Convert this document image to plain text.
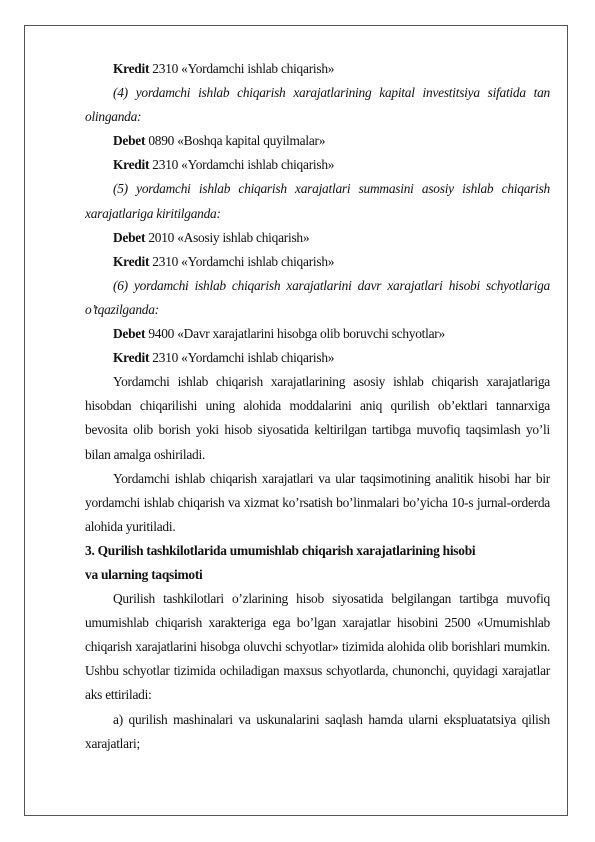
Kredit 2310 «Yordamchi ishlab chiqarish»

(4) yordamchi ishlab chiqarish xarajatlarining kapital investitsiya sifatida tan olinganda:

Debet 0890 «Boshqa kapital quyilmalar»

Kredit 2310 «Yordamchi ishlab chiqarish»

(5) yordamchi ishlab chiqarish xarajatlari summasini asosiy ishlab chiqarish xarajatlariga kiritilganda:

Debet 2010 «Asosiy ishlab chiqarish»

Kredit 2310 «Yordamchi ishlab chiqarish»

(6) yordamchi ishlab chiqarish xarajatlarini davr xarajatlari hisobi schyotlariga o’tqazilganda:

Debet 9400 «Davr xarajatlarini hisobga olib boruvchi schyotlar»

Kredit 2310 «Yordamchi ishlab chiqarish»

Yordamchi ishlab chiqarish xarajatlarining asosiy ishlab chiqarish xarajatlariga hisobdan chiqarilishi uning alohida moddalarini aniq qurilish ob’ektlari tannarxiga bevosita olib borish yoki hisob siyosatida keltirilgan tartibga muvofiq taqsimlash yo’li bilan amalga oshiriladi.

Yordamchi ishlab chiqarish xarajatlari va ular taqsimotining analitik hisobi har bir yordamchi ishlab chiqarish va xizmat ko’rsatish bo’linmalari bo’yicha 10-s jurnal-orderda alohida yuritiladi.

3. Qurilish tashkilotlarida umumishlab chiqarish xarajatlarining hisobi
va ularning taqsimoti

Qurilish tashkilotlari o’zlarining hisob siyosatida belgilangan tartibga muvofiq umumishlab chiqarish xarakteriga ega bo’lgan xarajatlar hisobini 2500 «Umumishlab chiqarish xarajatlarini hisobga oluvchi schyotlar» tizimida alohida olib borishlari mumkin. Ushbu schyotlar tizimida ochiladigan maxsus schyotlarda, chunonchi, quyidagi xarajatlar aks ettiriladi:

a) qurilish mashinalari va uskunalarini saqlash hamda ularni ekspluatatsiya qilish xarajatlari;
